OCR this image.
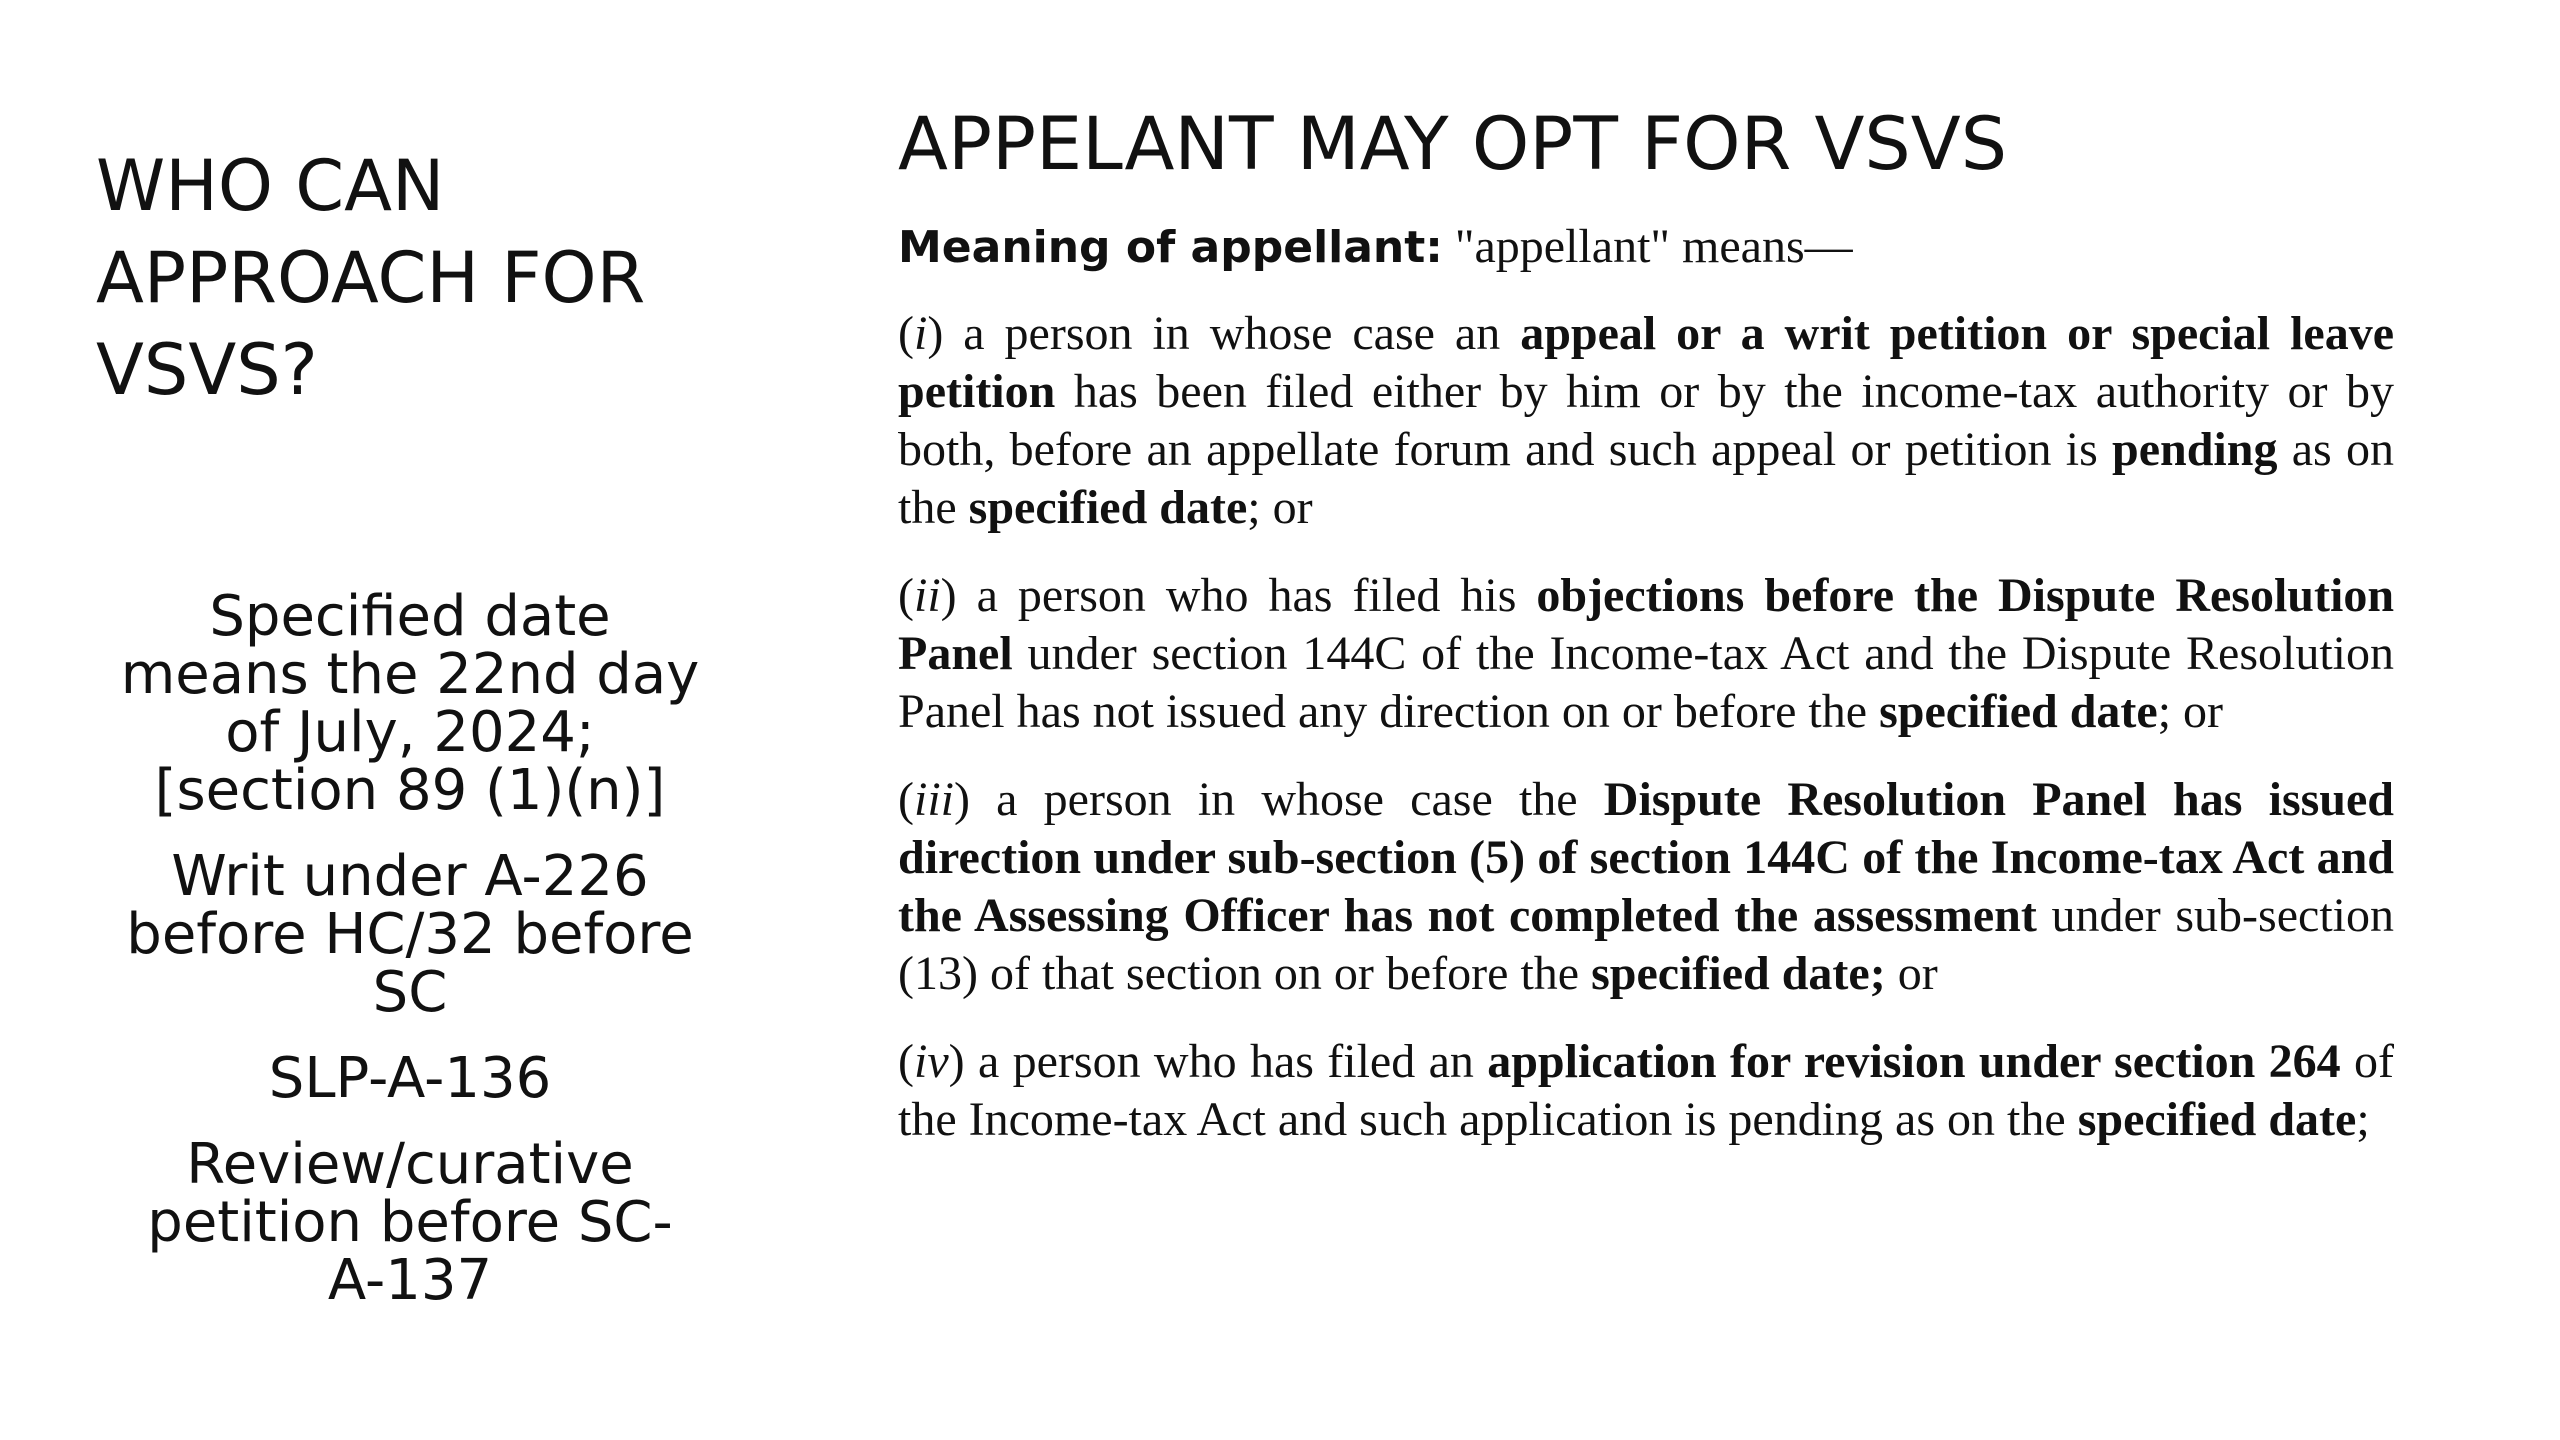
WHO CAN
APPROACH FOR
VSVS?
Specified date
means the 22nd day
of July, 2024;
[section 89 (1)(n)]
Writ under A-226
before HC/32 before
SC
SLP-A-136
Review/curative
petition before SC-
A-137
APPELANT MAY OPT FOR VSVS

Meaning of appellant: "appellant" means—

(i) a person in whose case an appeal or a writ petition or special leave petition has been filed either by him or by the income-tax authority or by both, before an appellate forum and such appeal or petition is pending as on the specified date; or

(ii) a person who has filed his objections before the Dispute Resolution Panel under section 144C of the Income-tax Act and the Dispute Resolution Panel has not issued any direction on or before the specified date; or

(iii) a person in whose case the Dispute Resolution Panel has issued direction under sub-section (5) of section 144C of the Income-tax Act and the Assessing Officer has not completed the assessment under sub-section (13) of that section on or before the specified date; or

(iv) a person who has filed an application for revision under section 264 of the Income-tax Act and such application is pending as on the specified date;
